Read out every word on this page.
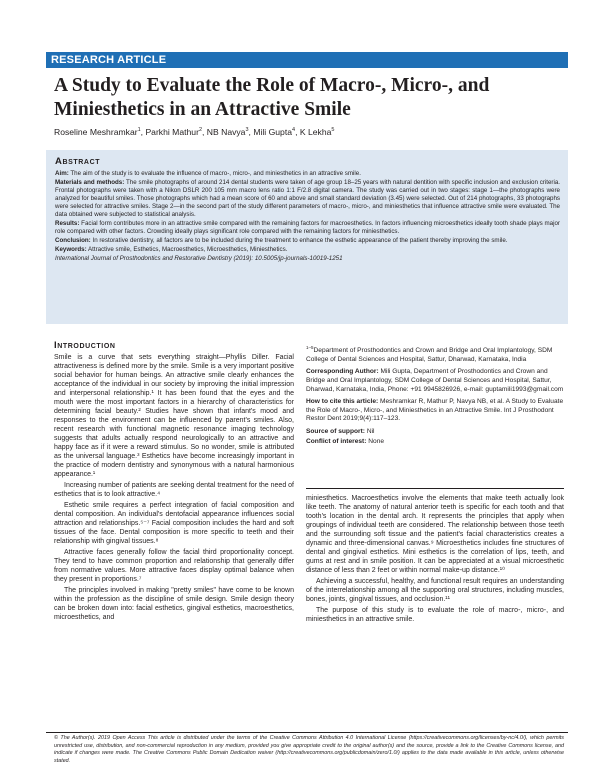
RESEARCH ARTICLE
A Study to Evaluate the Role of Macro-, Micro-, and Miniesthetics in an Attractive Smile
Roseline Meshramkar$^1$, Parkhi Mathur$^2$, NB Navya$^3$, Mili Gupta$^4$, K Lekha$^5$
Abstract

Aim: The aim of the study is to evaluate the influence of macro-, micro-, and miniesthetics in an attractive smile.

Materials and methods: The smile photographs of around 214 dental students were taken of age group 18–25 years with natural dentition with specific inclusion and exclusion criteria. Frontal photographs were taken with a Nikon DSLR 200 105 mm macro lens ratio 1:1 F/2.8 digital camera. The study was carried out in two stages: stage 1—the photographs were analyzed for beautiful smiles. Those photographs which had a mean score of 60 and above and small standard deviation (3.45) were selected. Out of 214 photographs, 33 photographs were selected for attractive smiles. Stage 2—in the second part of the study different parameters of macro-, micro-, and miniesthetics that influence attractive smile were evaluated. The data obtained were subjected to statistical analysis.

Results: Facial form contributes more in an attractive smile compared with the remaining factors for macroesthetics. In factors influencing microesthetics ideally tooth shade plays major role compared with other factors. Crowding ideally plays significant role compared with the remaining factors for miniesthetics.

Conclusion: In restorative dentistry, all factors are to be included during the treatment to enhance the esthetic appearance of the patient thereby improving the smile.

Keywords: Attractive smile, Esthetics, Macroesthetics, Microesthetics, Miniesthetics.

International Journal of Prosthodontics and Restorative Dentistry (2019): 10.5005/jp-journals-10019-1251

Introduction

Smile is a curve that sets everything straight—Phyllis Diller. Facial attractiveness is defined more by the smile. Smile is a very important positive social behavior for human beings. An attractive smile clearly enhances the acceptance of the individual in our society by improving the initial impression and interpersonal relationship.¹ It has been found that the eyes and the mouth were the most important factors in a hierarchy of characteristics for determining facial beauty.² Studies have shown that infant's mood and responses to the environment can be influenced by parent's smiles. Also, recent research with functional magnetic resonance imaging technology suggests that adults actually respond neurologically to an attractive and happy face as if it were a reward stimulus. So no wonder, smile is attributed as the universal language.³ Esthetics have become increasingly important in the practice of modern dentistry and synonymous with a natural harmonious appearance.¹

Increasing number of patients are seeking dental treatment for the need of esthetics that is to look attractive.⁴

Esthetic smile requires a perfect integration of facial composition and dental composition. An individual's dentofacial appearance influences social attraction and relationships.⁵⁻⁷ Facial composition includes the hard and soft tissues of the face. Dental composition is more specific to teeth and their relationship with gingival tissues.⁸

Attractive faces generally follow the facial third proportionality concept. They tend to have common proportion and relationship that generally differ from normative values. More attractive faces display optimal balance when they present in proportions.⁷

The principles involved in making "pretty smiles" have come to be known within the profession as the discipline of smile design. Smile design theory can be broken down into: facial esthetics, gingival esthetics, macroesthetics, microesthetics, and

$^{1-5}$Department of Prosthodontics and Crown and Bridge and Oral Implantology, SDM College of Dental Sciences and Hospital, Sattur, Dharwad, Karnataka, India

Corresponding Author: Mili Gupta, Department of Prosthodontics and Crown and Bridge and Oral Implantology, SDM College of Dental Sciences and Hospital, Sattur, Dharwad, Karnataka, India, Phone: +91 9945826926, e-mail: guptamili1993@gmail.com

How to cite this article: Meshramkar R, Mathur P, Navya NB, et al. A Study to Evaluate the Role of Macro-, Micro-, and Miniesthetics in an Attractive Smile. Int J Prosthodont Restor Dent 2019;9(4):117–123.

Source of support: Nil

Conflict of interest: None

miniesthetics. Macroesthetics involve the elements that make teeth actually look like teeth. The anatomy of natural anterior teeth is specific for each tooth and that tooth's location in the dental arch. It represents the principles that apply when groupings of individual teeth are considered. The relationship between those teeth and the surrounding soft tissue and the patient's facial characteristics creates a dynamic and three-dimensional canvas.⁹ Microesthetics includes fine structures of dental and gingival esthetics. Mini esthetics is the correlation of lips, teeth, and gums at rest and in smile position. It can be appreciated at a visual microesthetic distance of less than 2 feet or within normal make-up distance.¹⁰

Achieving a successful, healthy, and functional result requires an understanding of the interrelationship among all the supporting oral structures, including muscles, bones, joints, gingival tissues, and occlusion.¹¹

The purpose of this study is to evaluate the role of macro-, micro-, and miniesthetics in an attractive smile.

© The Author(s). 2019 Open Access This article is distributed under the terms of the Creative Commons Attribution 4.0 International License (https://creativecommons.org/licenses/by-nc/4.0/), which permits unrestricted use, distribution, and non-commercial reproduction in any medium, provided you give appropriate credit to the original author(s) and the source, provide a link to the Creative Commons license, and indicate if changes were made. The Creative Commons Public Domain Dedication waiver (http://creativecommons.org/publicdomain/zero/1.0/) applies to the data made available in this article, unless otherwise stated.
